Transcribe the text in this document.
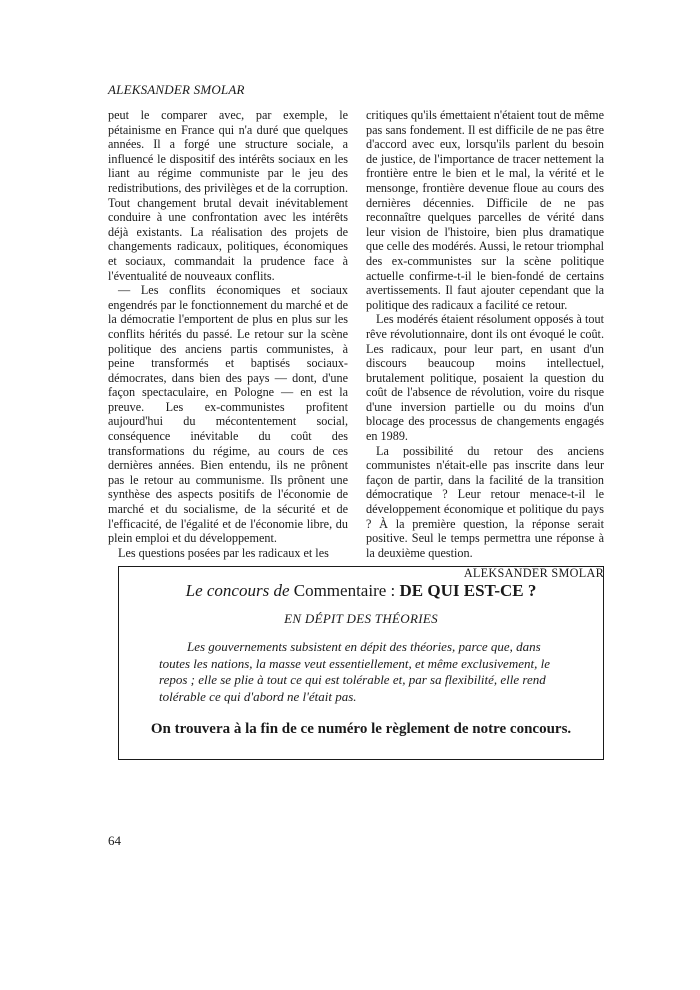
ALEKSANDER SMOLAR

peut le comparer avec, par exemple, le pétainisme en France qui n'a duré que quelques années. Il a forgé une structure sociale, a influencé le dispositif des intérêts sociaux en les liant au régime communiste par le jeu des redistributions, des privilèges et de la corruption. Tout changement brutal devait inévitablement conduire à une confrontation avec les intérêts déjà existants. La réalisation des projets de changements radicaux, politiques, économiques et sociaux, commandait la prudence face à l'éventualité de nouveaux conflits.

— Les conflits économiques et sociaux engendrés par le fonctionnement du marché et de la démocratie l'emportent de plus en plus sur les conflits hérités du passé. Le retour sur la scène politique des anciens partis communistes, à peine transformés et baptisés sociaux-démocrates, dans bien des pays — dont, d'une façon spectaculaire, en Pologne — en est la preuve. Les ex-communistes profitent aujourd'hui du mécontentement social, conséquence inévitable du coût des transformations du régime, au cours de ces dernières années. Bien entendu, ils ne prônent pas le retour au communisme. Ils prônent une synthèse des aspects positifs de l'économie de marché et du socialisme, de la sécurité et de l'efficacité, de l'égalité et de l'économie libre, du plein emploi et du développement.

Les questions posées par les radicaux et les

critiques qu'ils émettaient n'étaient tout de même pas sans fondement. Il est difficile de ne pas être d'accord avec eux, lorsqu'ils parlent du besoin de justice, de l'importance de tracer nettement la frontière entre le bien et le mal, la vérité et le mensonge, frontière devenue floue au cours des dernières décennies. Difficile de ne pas reconnaître quelques parcelles de vérité dans leur vision de l'histoire, bien plus dramatique que celle des modérés. Aussi, le retour triomphal des ex-communistes sur la scène politique actuelle confirme-t-il le bien-fondé de certains avertissements. Il faut ajouter cependant que la politique des radicaux a facilité ce retour.

Les modérés étaient résolument opposés à tout rêve révolutionnaire, dont ils ont évoqué le coût. Les radicaux, pour leur part, en usant d'un discours beaucoup moins intellectuel, brutalement politique, posaient la question du coût de l'absence de révolution, voire du risque d'une inversion partielle ou du moins d'un blocage des processus de changements engagés en 1989.

La possibilité du retour des anciens communistes n'était-elle pas inscrite dans leur façon de partir, dans la facilité de la transition démocratique ? Leur retour menace-t-il le développement économique et politique du pays ? À la première question, la réponse serait positive. Seul le temps permettra une réponse à la deuxième question.

ALEKSANDER SMOLAR
Le concours de Commentaire : DE QUI EST-CE ?
EN DÉPIT DES THÉORIES
Les gouvernements subsistent en dépit des théories, parce que, dans toutes les nations, la masse veut essentiellement, et même exclusivement, le repos ; elle se plie à tout ce qui est tolérable et, par sa flexibilité, elle rend tolérable ce qui d'abord ne l'était pas.
On trouvera à la fin de ce numéro le règlement de notre concours.
64
